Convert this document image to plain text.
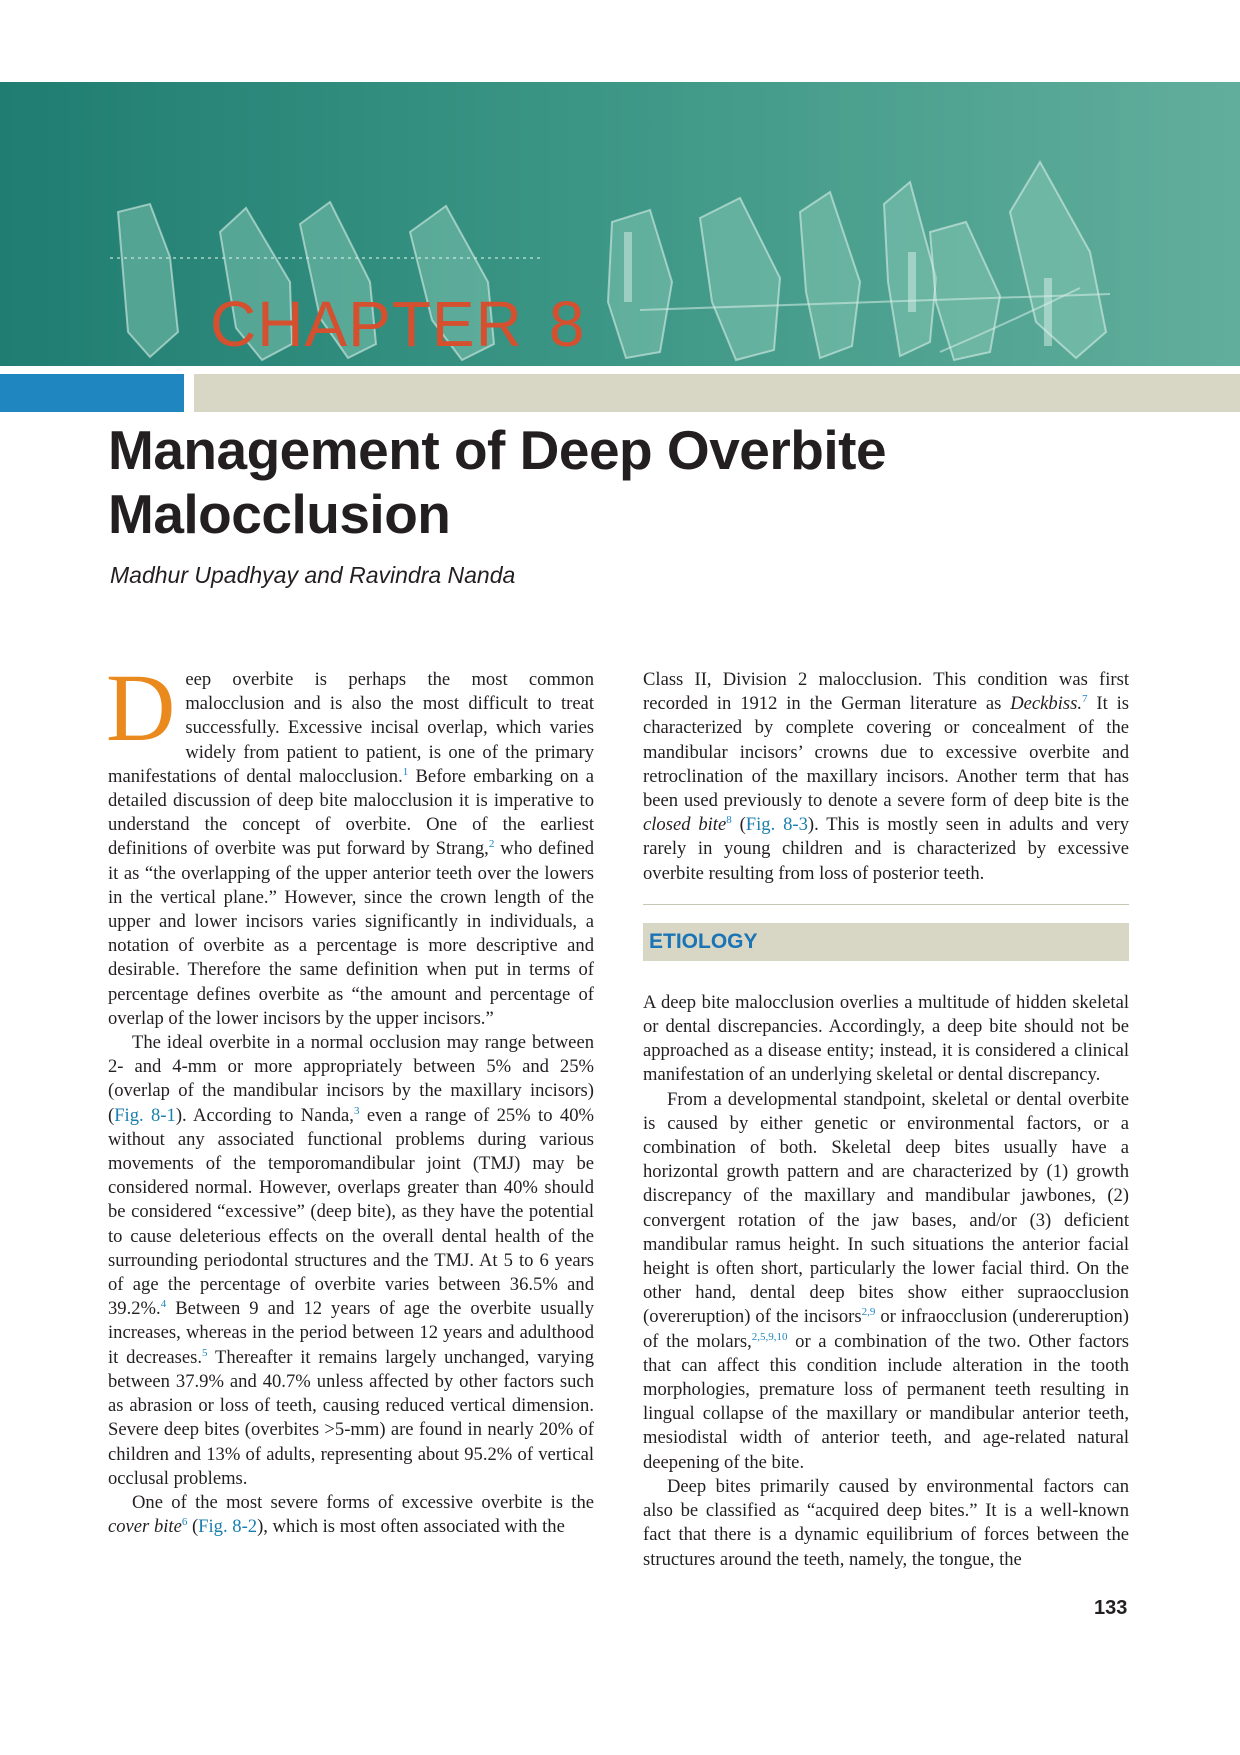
CHAPTER 8
Management of Deep Overbite
Malocclusion

Madhur Upadhyay and Ravindra Nanda

Deep overbite is perhaps the most common malocclusion and is also the most difficult to treat successfully. Excessive incisal overlap, which varies widely from patient to patient, is one of the primary manifestations of dental malocclusion.$^1$ Before embarking on a detailed discussion of deep bite malocclusion it is imperative to understand the concept of overbite. One of the earliest definitions of overbite was put forward by Strang,$^2$ who defined it as “the overlapping of the upper anterior teeth over the lowers in the vertical plane.” However, since the crown length of the upper and lower incisors varies significantly in individuals, a notation of overbite as a percentage is more descriptive and desirable. Therefore the same definition when put in terms of percentage defines overbite as “the amount and percentage of overlap of the lower incisors by the upper incisors.”

The ideal overbite in a normal occlusion may range between 2- and 4-mm or more appropriately between 5% and 25% (overlap of the mandibular incisors by the maxillary incisors) (Fig. 8-1). According to Nanda,$^3$ even a range of 25% to 40% without any associated functional problems during various movements of the temporomandibular joint (TMJ) may be considered normal. However, overlaps greater than 40% should be considered “excessive” (deep bite), as they have the potential to cause deleterious effects on the overall dental health of the surrounding periodontal structures and the TMJ. At 5 to 6 years of age the percentage of overbite varies between 36.5% and 39.2%.$^4$ Between 9 and 12 years of age the overbite usually increases, whereas in the period between 12 years and adulthood it decreases.$^5$ Thereafter it remains largely unchanged, varying between 37.9% and 40.7% unless affected by other factors such as abrasion or loss of teeth, causing reduced vertical dimension. Severe deep bites (overbites >5-mm) are found in nearly 20% of children and 13% of adults, representing about 95.2% of vertical occlusal problems.

One of the most severe forms of excessive overbite is the cover bite$^6$ (Fig. 8-2), which is most often associated with the

Class II, Division 2 malocclusion. This condition was first recorded in 1912 in the German literature as Deckbiss.$^7$ It is characterized by complete covering or concealment of the mandibular incisors’ crowns due to excessive overbite and retroclination of the maxillary incisors. Another term that has been used previously to denote a severe form of deep bite is the closed bite$^8$ (Fig. 8-3). This is mostly seen in adults and very rarely in young children and is characterized by excessive overbite resulting from loss of posterior teeth.

ETIOLOGY

A deep bite malocclusion overlies a multitude of hidden skeletal or dental discrepancies. Accordingly, a deep bite should not be approached as a disease entity; instead, it is considered a clinical manifestation of an underlying skeletal or dental discrepancy.

From a developmental standpoint, skeletal or dental overbite is caused by either genetic or environmental factors, or a combination of both. Skeletal deep bites usually have a horizontal growth pattern and are characterized by (1) growth discrepancy of the maxillary and mandibular jawbones, (2) convergent rotation of the jaw bases, and/or (3) deficient mandibular ramus height. In such situations the anterior facial height is often short, particularly the lower facial third. On the other hand, dental deep bites show either supraocclusion (overeruption) of the incisors$^{2,9}$ or infraocclusion (undereruption) of the molars,$^{2,5,9,10}$ or a combination of the two. Other factors that can affect this condition include alteration in the tooth morphologies, premature loss of permanent teeth resulting in lingual collapse of the maxillary or mandibular anterior teeth, mesiodistal width of anterior teeth, and age-related natural deepening of the bite.

Deep bites primarily caused by environmental factors can also be classified as “acquired deep bites.” It is a well-known fact that there is a dynamic equilibrium of forces between the structures around the teeth, namely, the tongue, the

133
